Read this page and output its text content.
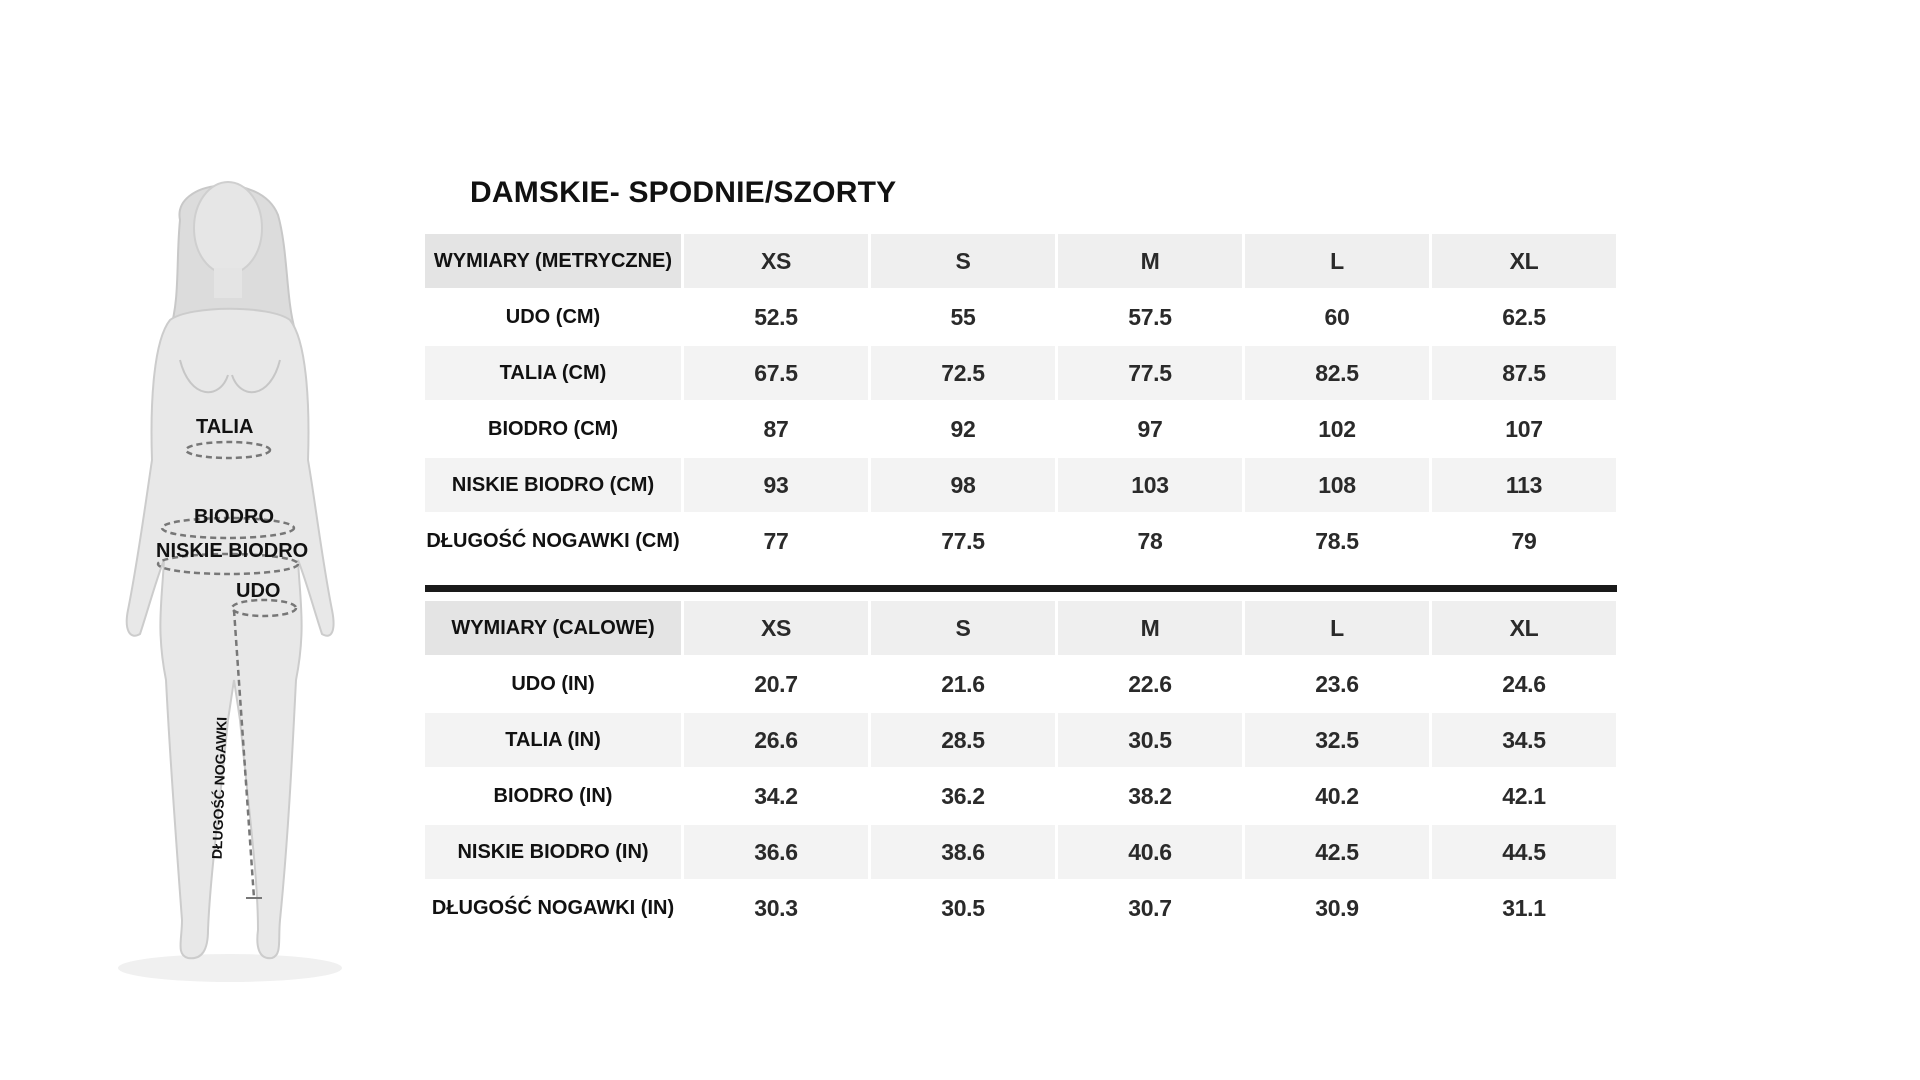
TALIA
BIODRO
NISKIE BIODRO
UDO
DŁUGOŚĆ NOGAWKI
DAMSKIE- SPODNIE/SZORTY
WYMIARY (METRYCZNE)	XS	S	M	L	XL
UDO (CM)	52.5	55	57.5	60	62.5
TALIA (CM)	67.5	72.5	77.5	82.5	87.5
BIODRO (CM)	87	92	97	102	107
NISKIE BIODRO (CM)	93	98	103	108	113
DŁUGOŚĆ NOGAWKI (CM)	77	77.5	78	78.5	79
WYMIARY (CALOWE)	XS	S	M	L	XL
UDO (IN)	20.7	21.6	22.6	23.6	24.6
TALIA (IN)	26.6	28.5	30.5	32.5	34.5
BIODRO (IN)	34.2	36.2	38.2	40.2	42.1
NISKIE BIODRO (IN)	36.6	38.6	40.6	42.5	44.5
DŁUGOŚĆ NOGAWKI (IN)	30.3	30.5	30.7	30.9	31.1
